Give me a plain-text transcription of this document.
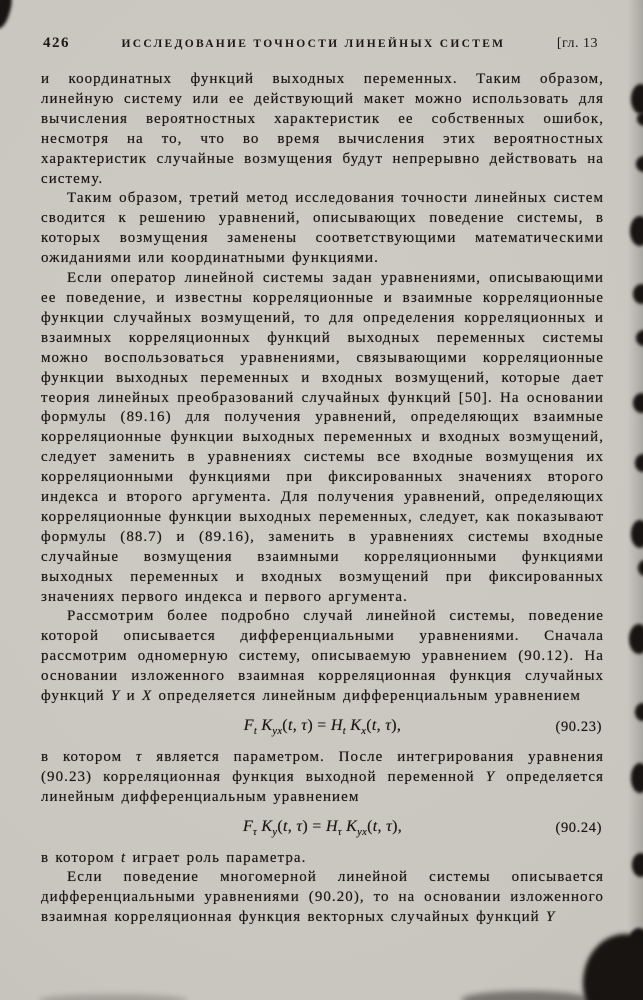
426	ИССЛЕДОВАНИЕ ТОЧНОСТИ ЛИНЕЙНЫХ СИСТЕМ	[гл. 13

и координатных функций выходных переменных. Таким образом, линейную систему или ее действующий макет можно использовать для вычисления вероятностных характеристик ее собственных ошибок, несмотря на то, что во время вычисления этих вероятностных характеристик случайные возмущения будут непрерывно действовать на систему.

Таким образом, третий метод исследования точности линейных систем сводится к решению уравнений, описывающих поведение системы, в которых возмущения заменены соответствующими математическими ожиданиями или координатными функциями.

Если оператор линейной системы задан уравнениями, описывающими ее поведение, и известны корреляционные и взаимные корреляционные функции случайных возмущений, то для определения корреляционных и взаимных корреляционных функций выходных переменных системы можно воспользоваться уравнениями, связывающими корреляционные функции выходных переменных и входных возмущений, которые дает теория линейных преобразований случайных функций [50]. На основании формулы (89.16) для получения уравнений, определяющих взаимные корреляционные функции выходных переменных и входных возмущений, следует заменить в уравнениях системы все входные возмущения их корреляционными функциями при фиксированных значениях второго индекса и второго аргумента. Для получения уравнений, определяющих корреляционные функции выходных переменных, следует, как показывают формулы (88.7) и (89.16), заменить в уравнениях системы входные случайные возмущения взаимными корреляционными функциями выходных переменных и входных возмущений при фиксированных значениях первого индекса и первого аргумента.

Рассмотрим более подробно случай линейной системы, поведение которой описывается дифференциальными уравнениями. Сначала рассмотрим одномерную систему, описываемую уравнением (90.12). На основании изложенного взаимная корреляционная функция случайных функций Y и X определяется линейным дифференциальным уравнением

$F_t$ $K_{yx}(t$, $\tau) = H_t$ $K_x(t$, τ),	(90.23)

в котором τ является параметром. После интегрирования уравнения (90.23) корреляционная функция выходной переменной Y определяется линейным дифференциальным уравнением

$F_\tau$ $K_y(t$, $\tau) = H_\tau$ $K_{yx}(t$, τ),	(90.24)

в котором t играет роль параметра.

Если поведение многомерной линейной системы описывается дифференциальными уравнениями (90.20), то на основании изложенного взаимная корреляционная функция векторных случайных функций Y
